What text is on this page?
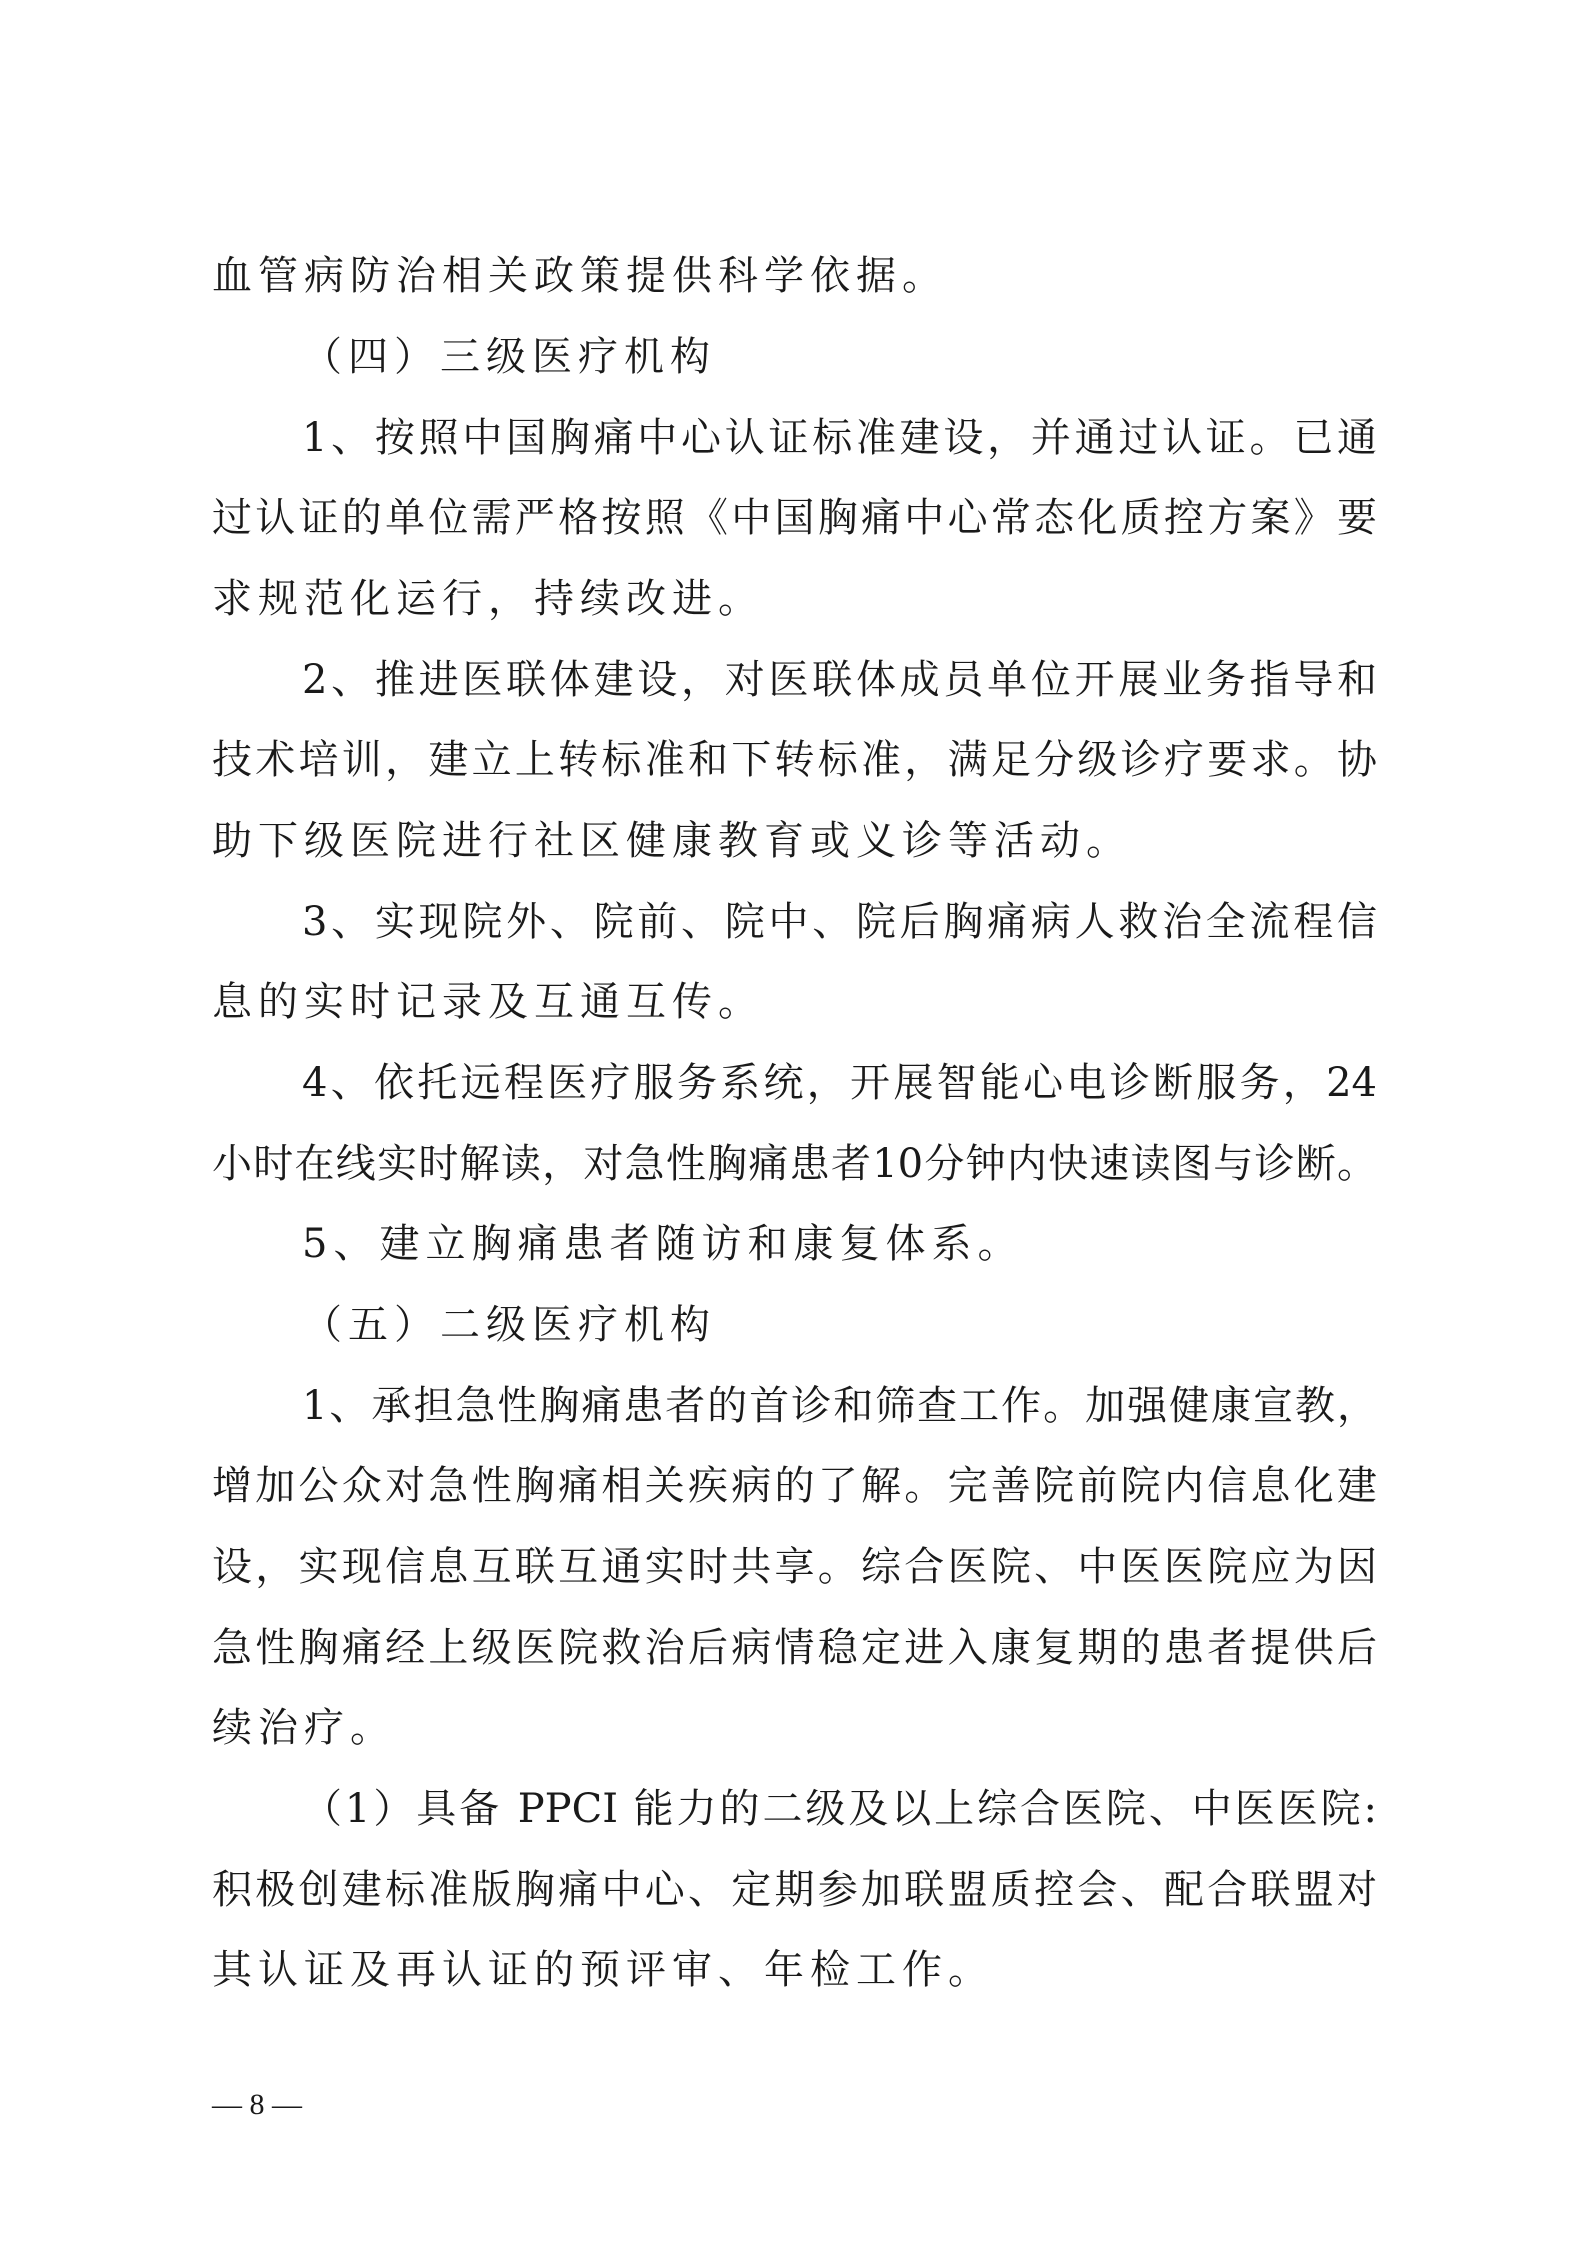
血管病防治相关政策提供科学依据。
（四）三级医疗机构
1、按照中国胸痛中心认证标准建设，并通过认证。已通
过认证的单位需严格按照《中国胸痛中心常态化质控方案》要
求规范化运行，持续改进。
2、推进医联体建设，对医联体成员单位开展业务指导和
技术培训，建立上转标准和下转标准，满足分级诊疗要求。协
助下级医院进行社区健康教育或义诊等活动。
3、实现院外、院前、院中、院后胸痛病人救治全流程信
息的实时记录及互通互传。
4、依托远程医疗服务系统，开展智能心电诊断服务，24
小时在线实时解读，对急性胸痛患者10分钟内快速读图与诊断。
5、建立胸痛患者随访和康复体系。
（五）二级医疗机构
1、承担急性胸痛患者的首诊和筛查工作。加强健康宣教，
增加公众对急性胸痛相关疾病的了解。完善院前院内信息化建
设，实现信息互联互通实时共享。综合医院、中医医院应为因
急性胸痛经上级医院救治后病情稳定进入康复期的患者提供后
续治疗。
（1）具备 PPCI 能力的二级及以上综合医院、中医医院:
积极创建标准版胸痛中心、定期参加联盟质控会、配合联盟对
其认证及再认证的预评审、年检工作。
— 8 —
